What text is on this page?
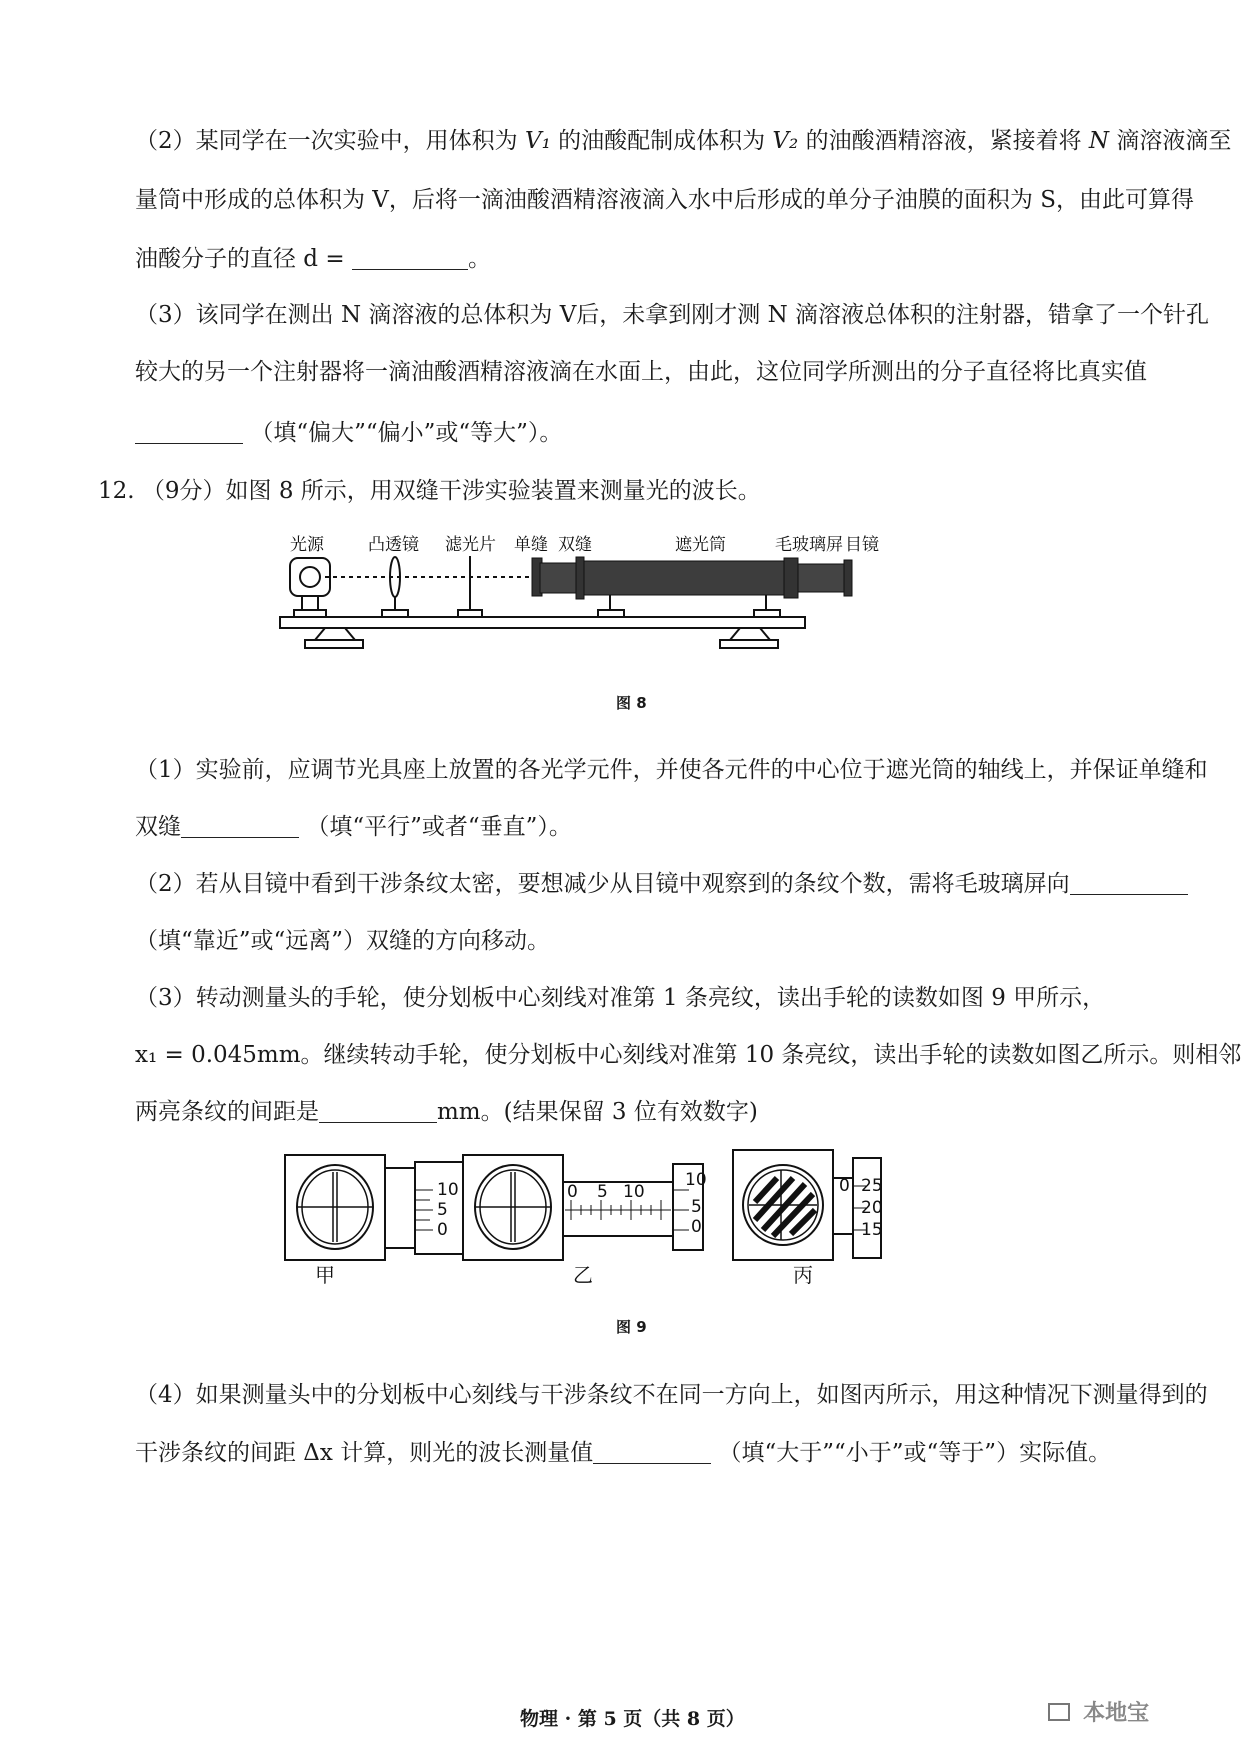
（2）某同学在一次实验中，用体积为 V₁ 的油酸配制成体积为 V₂ 的油酸酒精溶液，紧接着将 N 滴溶液滴至
量筒中形成的总体积为 V，后将一滴油酸酒精溶液滴入水中后形成的单分子油膜的面积为 S，由此可算得
油酸分子的直径 d =	。
（3）该同学在测出 N 滴溶液的总体积为 V后，未拿到刚才测 N 滴溶液总体积的注射器，错拿了一个针孔
较大的另一个注射器将一滴油酸酒精溶液滴在水面上，由此，这位同学所测出的分子直径将比真实值
（填“偏大”“偏小”或“等大”）。
12. （9分）如图 8 所示，用双缝干涉实验装置来测量光的波长。
光源	凸透镜 滤光片 单缝 双缝	遮光筒	毛玻璃屏 目镜
图 8
（1）实验前，应调节光具座上放置的各光学元件，并使各元件的中心位于遮光筒的轴线上，并保证单缝和
双缝	（填“平行”或者“垂直”）。
（2）若从目镜中看到干涉条纹太密，要想减少从目镜中观察到的条纹个数，需将毛玻璃屏向
（填“靠近”或“远离”）双缝的方向移动。
（3）转动测量头的手轮，使分划板中心刻线对准第 1 条亮纹，读出手轮的读数如图 9 甲所示，
x₁ = 0.045mm。继续转动手轮，使分划板中心刻线对准第 10 条亮纹，读出手轮的读数如图乙所示。则相邻
两亮条纹的间距是	mm。(结果保留 3 位有效数字)
10
5
0
甲
0 5 10
10
5
0
乙
0 25
20
15
丙
图 9
（4）如果测量头中的分划板中心刻线与干涉条纹不在同一方向上，如图丙所示，用这种情况下测量得到的
干涉条纹的间距 Δx 计算，则光的波长测量值	（填“大于”“小于”或“等于”）实际值。
物理 · 第 5 页（共 8 页）	本地宝
